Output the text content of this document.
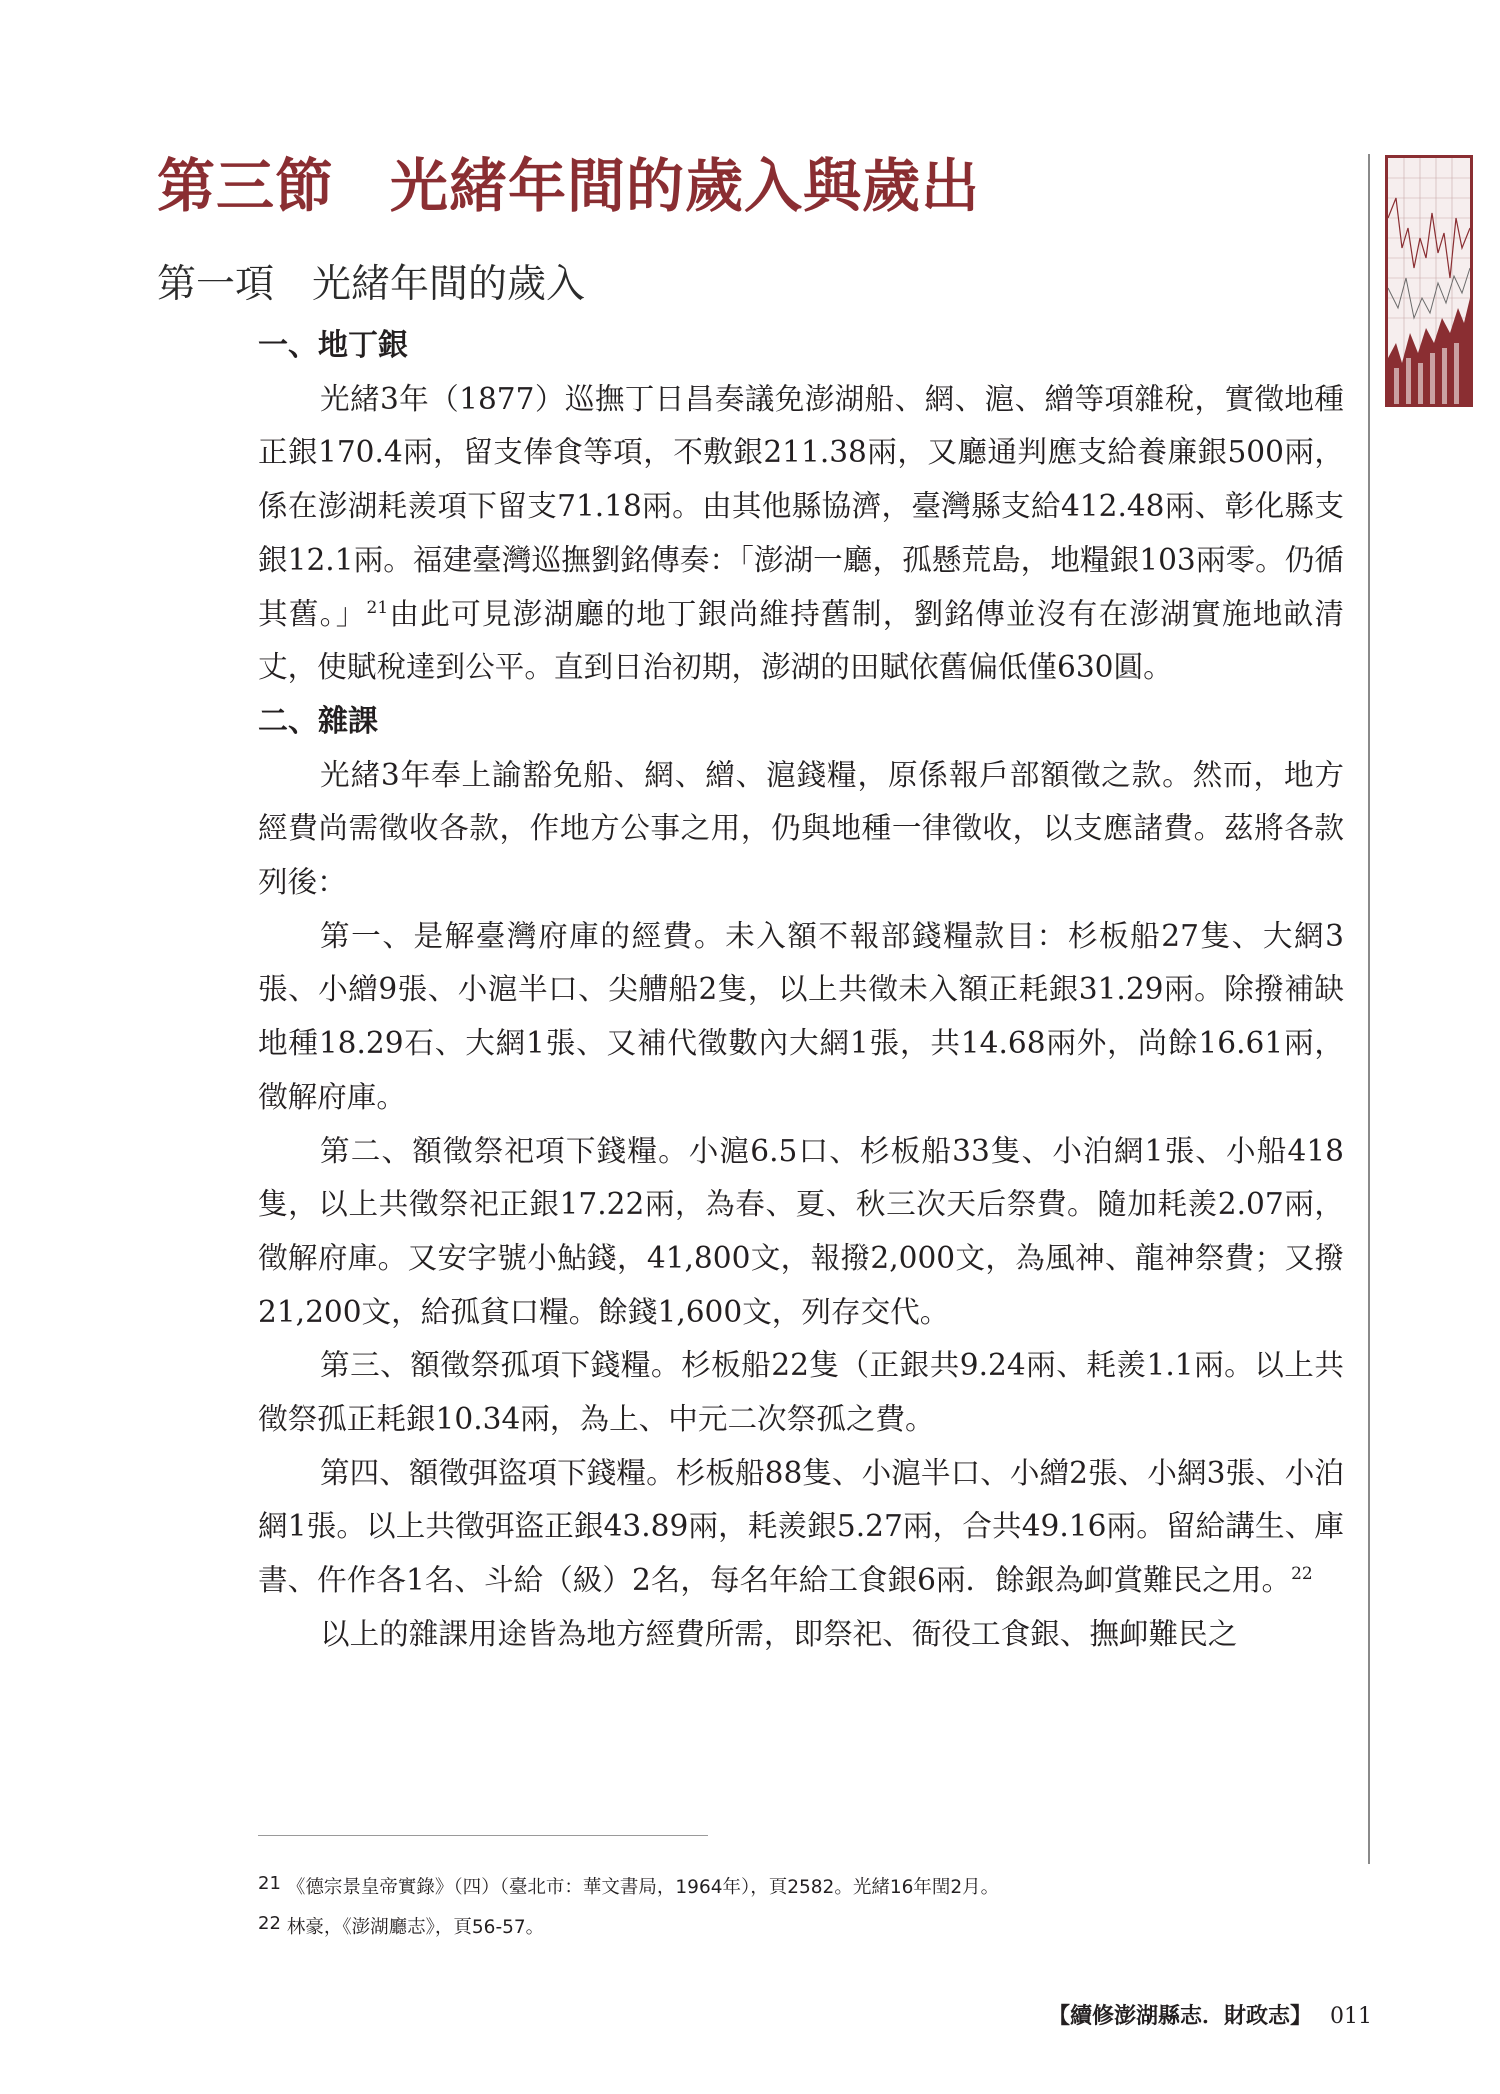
第三節 光緒年間的歲入與歲出
第一項 光緒年間的歲入

一、地丁銀

光緒3年（1877）巡撫丁日昌奏議免澎湖船、網、滬、繒等項雜稅，實徵地種正銀170.4兩，留支俸食等項，不敷銀211.38兩，又廳通判應支給養廉銀500兩，係在澎湖耗羨項下留支71.18兩。由其他縣協濟，臺灣縣支給412.48兩、彰化縣支銀12.1兩。福建臺灣巡撫劉銘傳奏：「澎湖一廳，孤懸荒島，地糧銀103兩零。仍循其舊。」$^{21}$由此可見澎湖廳的地丁銀尚維持舊制，劉銘傳並沒有在澎湖實施地畝清丈，使賦稅達到公平。直到日治初期，澎湖的田賦依舊偏低僅630圓。

二、雜課

光緒3年奉上諭豁免船、網、繒、滬錢糧，原係報戶部額徵之款。然而，地方經費尚需徵收各款，作地方公事之用，仍與地種一律徵收，以支應諸費。茲將各款列後：

第一、是解臺灣府庫的經費。未入額不報部錢糧款目：杉板船27隻、大網3張、小繒9張、小滬半口、尖艚船2隻，以上共徵未入額正耗銀31.29兩。除撥補缺地種18.29石、大網1張、又補代徵數內大網1張，共14.68兩外，尚餘16.61兩，徵解府庫。

第二、額徵祭祀項下錢糧。小滬6.5口、杉板船33隻、小泊網1張、小船418隻，以上共徵祭祀正銀17.22兩，為春、夏、秋三次天后祭費。隨加耗羨2.07兩，徵解府庫。又安字號小鮎錢，41,800文，報撥2,000文，為風神、龍神祭費；又撥21,200文，給孤貧口糧。餘錢1,600文，列存交代。

第三、額徵祭孤項下錢糧。杉板船22隻（正銀共9.24兩、耗羨1.1兩。以上共徵祭孤正耗銀10.34兩，為上、中元二次祭孤之費。

第四、額徵弭盜項下錢糧。杉板船88隻、小滬半口、小繒2張、小網3張、小泊網1張。以上共徵弭盜正銀43.89兩，耗羨銀5.27兩，合共49.16兩。留給講生、庫書、仵作各1名、斗給（級）2名，每名年給工食銀6兩．餘銀為卹賞難民之用。$^{22}$

以上的雜課用途皆為地方經費所需，即祭祀、衙役工食銀、撫卹難民之

21 《德宗景皇帝實錄》（四）（臺北市：華文書局，1964年），頁2582。光緒16年閏2月。
22 林豪，《澎湖廳志》，頁56-57。
【續修澎湖縣志．財政志】 011
